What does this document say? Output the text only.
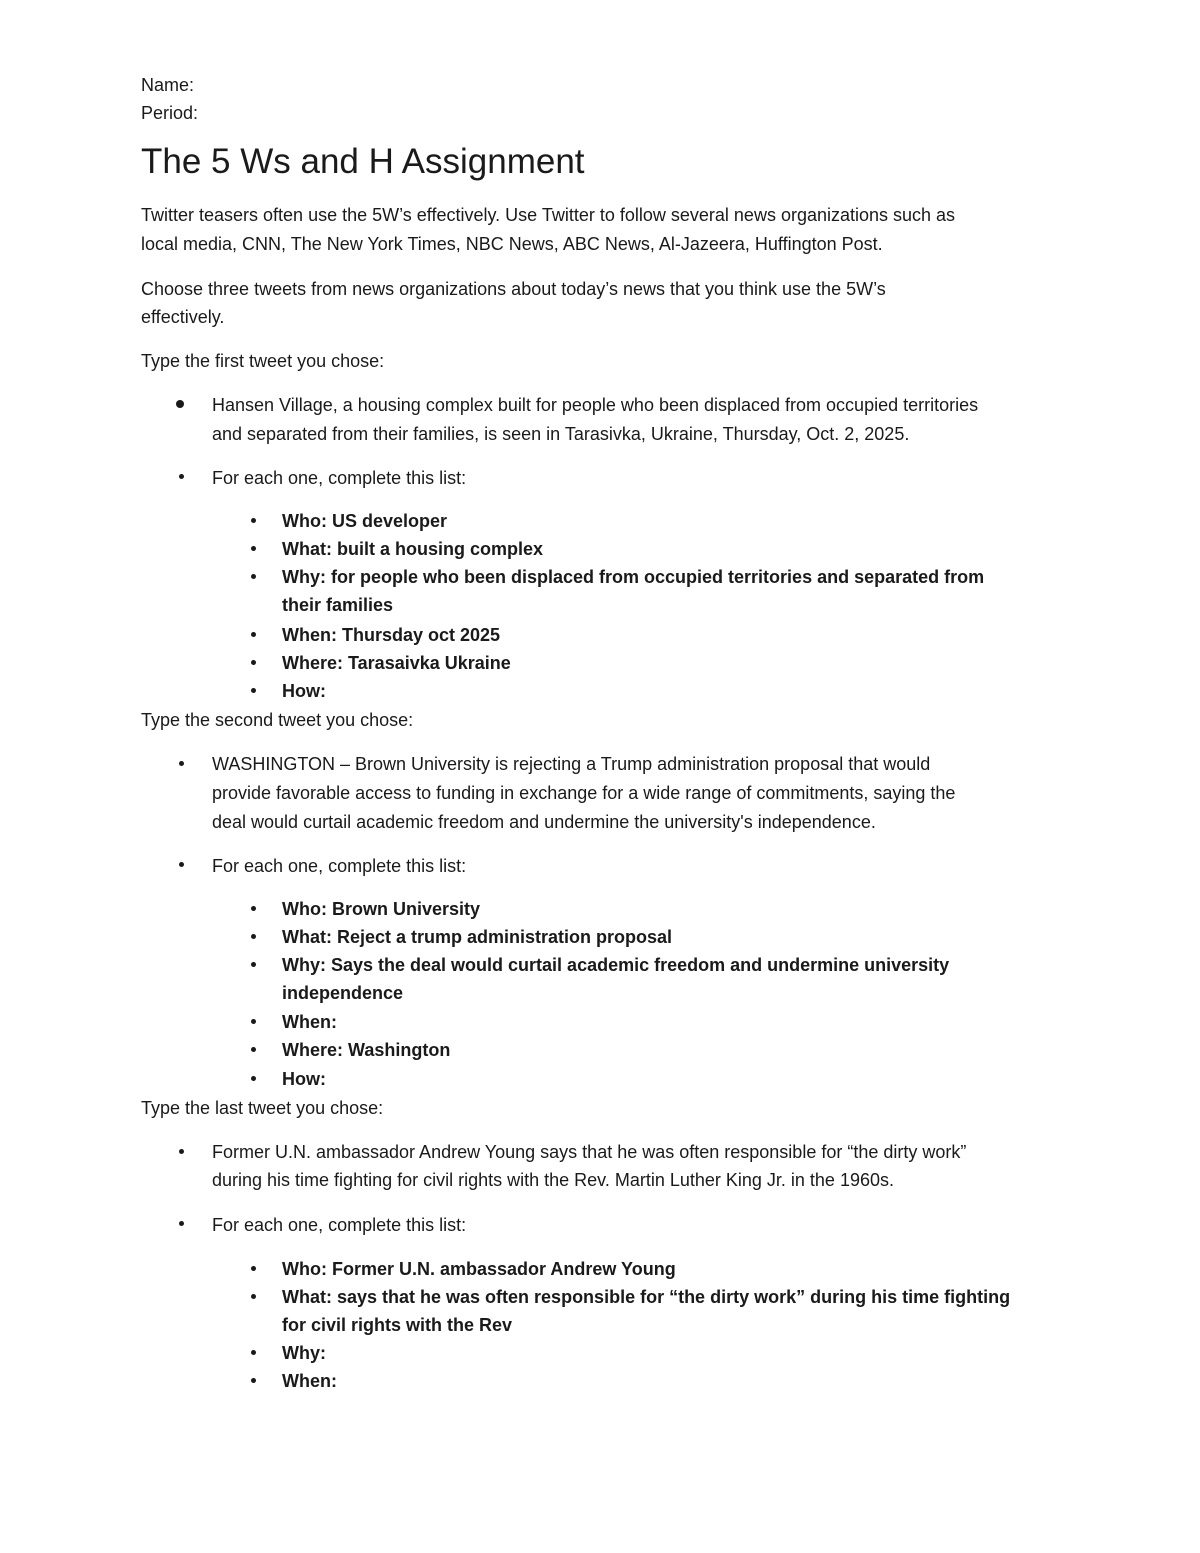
Name:
Period:
The 5 Ws and H Assignment
Twitter teasers often use the 5W’s effectively. Use Twitter to follow several news organizations such as
local media, CNN, The New York Times, NBC News, ABC News, Al-Jazeera, Huffington Post.
Choose three tweets from news organizations about today’s news that you think use the 5W’s
effectively.
Type the first tweet you chose:
Hansen Village, a housing complex built for people who been displaced from occupied territories
and separated from their families, is seen in Tarasivka, Ukraine, Thursday, Oct. 2, 2025.
For each one, complete this list:
Who: US developer
What: built a housing complex
Why: for people who been displaced from occupied territories and separated from
their families
When: Thursday oct 2025
Where: Tarasaivka Ukraine
How:
Type the second tweet you chose:
WASHINGTON – Brown University is rejecting a Trump administration proposal that would
provide favorable access to funding in exchange for a wide range of commitments, saying the
deal would curtail academic freedom and undermine the university's independence.
For each one, complete this list:
Who: Brown University
What: Reject a trump administration proposal
Why: Says the deal would curtail academic freedom and undermine university
independence
When:
Where: Washington
How:
Type the last tweet you chose:
Former U.N. ambassador Andrew Young says that he was often responsible for “the dirty work”
during his time fighting for civil rights with the Rev. Martin Luther King Jr. in the 1960s.
For each one, complete this list:
Who: Former U.N. ambassador Andrew Young
What: says that he was often responsible for “the dirty work” during his time fighting
for civil rights with the Rev
Why:
When:
